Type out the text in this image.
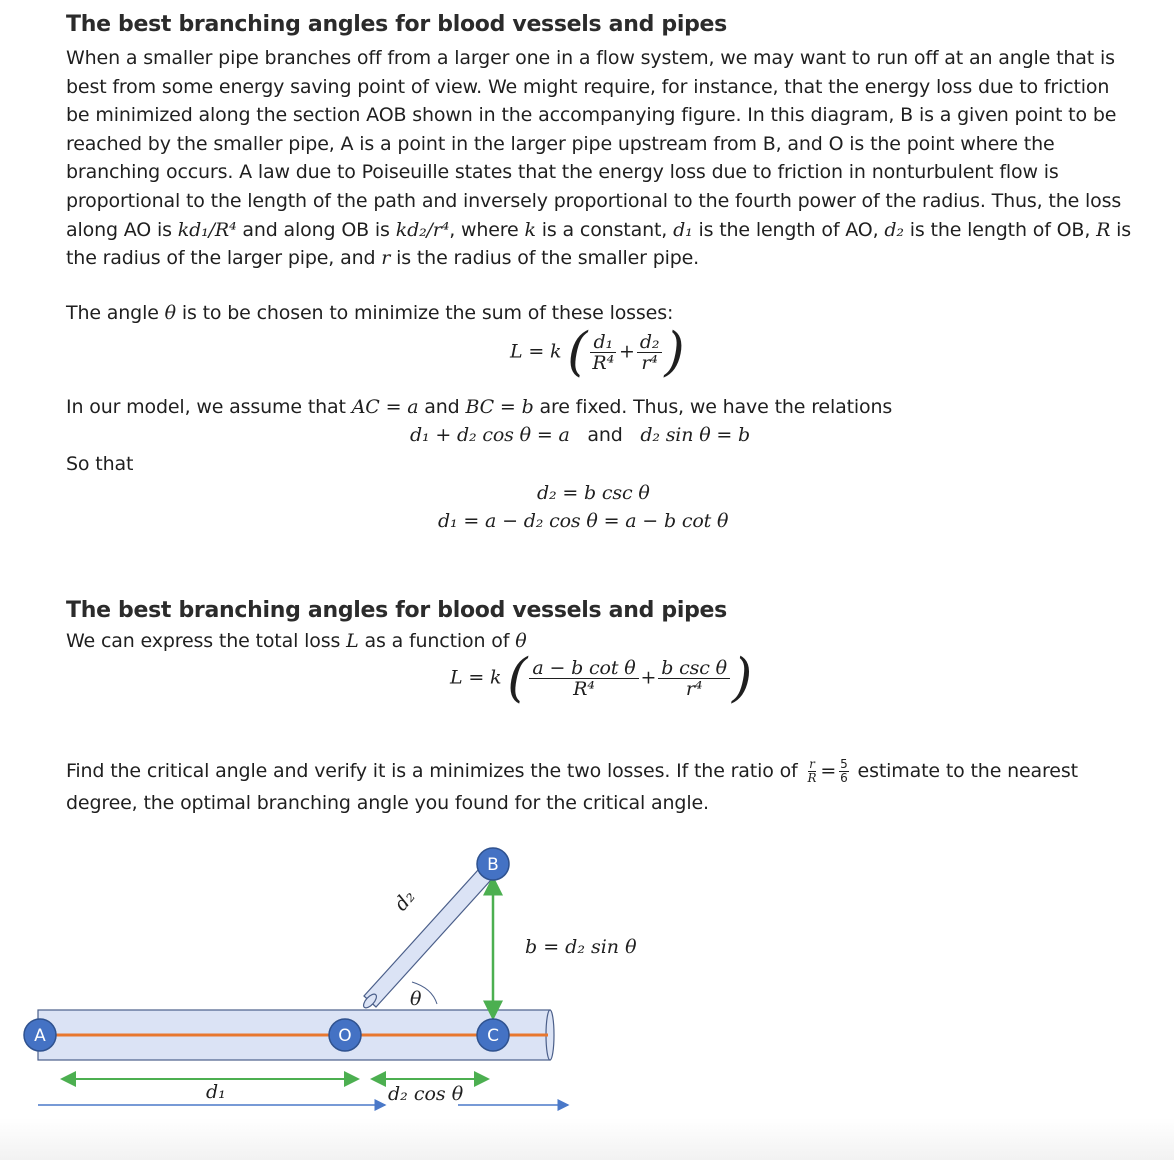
The best branching angles for blood vessels and pipes
When a smaller pipe branches off from a larger one in a flow system, we may want to run off at an angle that is best from some energy saving point of view. We might require, for instance, that the energy loss due to friction be minimized along the section AOB shown in the accompanying figure. In this diagram, B is a given point to be reached by the smaller pipe, A is a point in the larger pipe upstream from B, and O is the point where the branching occurs. A law due to Poiseuille states that the energy loss due to friction in nonturbulent flow is proportional to the length of the path and inversely proportional to the fourth power of the radius. Thus, the loss along AO is kd₁/R⁴ and along OB is kd₂/r⁴, where k is a constant, d₁ is the length of AO, d₂ is the length of OB, R is the radius of the larger pipe, and r is the radius of the smaller pipe.
The angle θ is to be chosen to minimize the sum of these losses:
L = k ( $\frac{\text{d₁}}{\text{R⁴}} + \frac{\text{d₂}}{\text{r⁴}}$ )
In our model, we assume that AC = a and BC = b are fixed. Thus, we have the relations
d₁ + d₂ cos θ = a and d₂ sin θ = b
So that
d₂ = b csc θ
d₁ = a − d₂ cos θ = a − b cot θ
The best branching angles for blood vessels and pipes
We can express the total loss L as a function of θ
L = k ( $\frac{\text{a − b cot θ}}{\text{R⁴}} + \frac{\text{b csc θ}}{\text{r⁴}}$ )
Find the critical angle and verify it is a minimizes the two losses. If the ratio of $\frac{r}{R} = \frac{5}{6}$ estimate to the nearest
degree, the optimal branching angle you found for the critical angle.
A	O
B
C
d₂
θ
b = d₂ sin θ
d₁	d₂ cos θ
